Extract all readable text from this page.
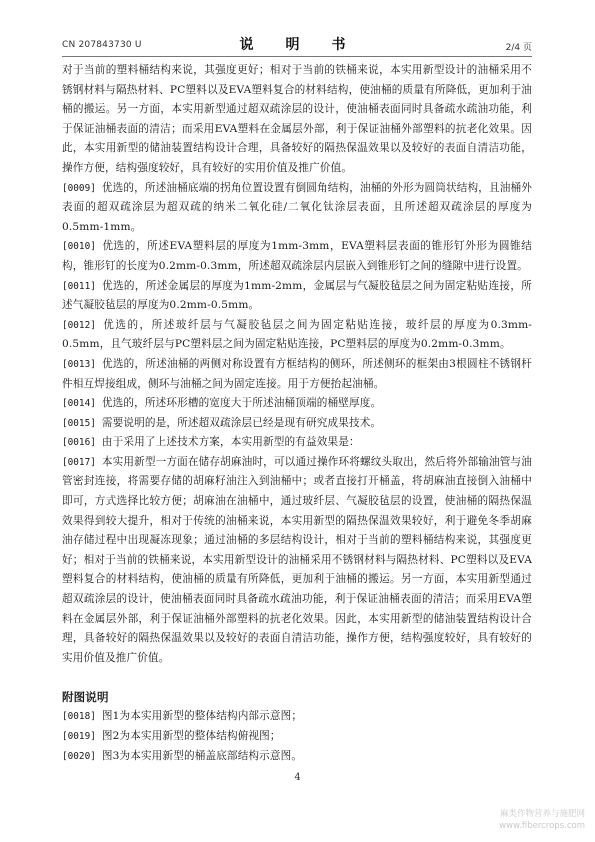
CN 207843730 U	说　明　书	2/4 页

对于当前的塑料桶结构来说，其强度更好；相对于当前的铁桶来说，本实用新型设计的油桶采用不锈钢材料与隔热材料、PC塑料以及EVA塑料复合的材料结构，使油桶的质量有所降低，更加利于油桶的搬运。另一方面，本实用新型通过超双疏涂层的设计，使油桶表面同时具备疏水疏油功能，利于保证油桶表面的清洁；而采用EVA塑料在金属层外部，利于保证油桶外部塑料的抗老化效果。因此，本实用新型的储油装置结构设计合理，具备较好的隔热保温效果以及较好的表面自清洁功能，操作方便，结构强度较好，具有较好的实用价值及推广价值。

[0009] 优选的，所述油桶底端的拐角位置设置有倒圆角结构，油桶的外形为圆筒状结构，且油桶外表面的超双疏涂层为超双疏的纳米二氧化硅/二氧化钛涂层表面，且所述超双疏涂层的厚度为0.5mm-1mm。

[0010] 优选的，所述EVA塑料层的厚度为1mm-3mm，EVA塑料层表面的锥形钉外形为圆锥结构，锥形钉的长度为0.2mm-0.3mm，所述超双疏涂层内层嵌入到锥形钉之间的缝隙中进行设置。

[0011] 优选的，所述金属层的厚度为1mm-2mm，金属层与气凝胶毡层之间为固定粘贴连接，所述气凝胶毡层的厚度为0.2mm-0.5mm。

[0012] 优选的，所述玻纤层与气凝胶毡层之间为固定粘贴连接，玻纤层的厚度为0.3mm-0.5mm，且气玻纤层与PC塑料层之间为固定粘贴连接，PC塑料层的厚度为0.2mm-0.3mm。

[0013] 优选的，所述油桶的两侧对称设置有方框结构的侧环，所述侧环的框架由3根圆柱不锈钢杆件相互焊接组成，侧环与油桶之间为固定连接。用于方便抬起油桶。

[0014] 优选的，所述环形槽的宽度大于所述油桶顶端的桶壁厚度。

[0015] 需要说明的是，所述超双疏涂层已经是现有研究成果技术。

[0016] 由于采用了上述技术方案，本实用新型的有益效果是：

[0017] 本实用新型一方面在储存胡麻油时，可以通过操作环将螺纹头取出，然后将外部输油管与油管密封连接，将需要存储的胡麻籽油注入到油桶中；或者直接打开桶盖，将胡麻油直接倒入油桶中即可，方式选择比较方便；胡麻油在油桶中，通过玻纤层、气凝胶毡层的设置，使油桶的隔热保温效果得到较大提升，相对于传统的油桶来说，本实用新型的隔热保温效果较好，利于避免冬季胡麻油存储过程中出现凝冻现象；通过油桶的多层结构设计，相对于当前的塑料桶结构来说，其强度更好；相对于当前的铁桶来说，本实用新型设计的油桶采用不锈钢材料与隔热材料、PC塑料以及EVA塑料复合的材料结构，使油桶的质量有所降低，更加利于油桶的搬运。另一方面，本实用新型通过超双疏涂层的设计，使油桶表面同时具备疏水疏油功能，利于保证油桶表面的清洁；而采用EVA塑料在金属层外部，利于保证油桶外部塑料的抗老化效果。因此，本实用新型的储油装置结构设计合理，具备较好的隔热保温效果以及较好的表面自清洁功能，操作方便，结构强度较好，具有较好的实用价值及推广价值。

附图说明

[0018] 图1为本实用新型的整体结构内部示意图；

[0019] 图2为本实用新型的整体结构俯视图；

[0020] 图3为本实用新型的桶盖底部结构示意图。

4
麻类作物营养与施肥网
www.fibercrops.com
